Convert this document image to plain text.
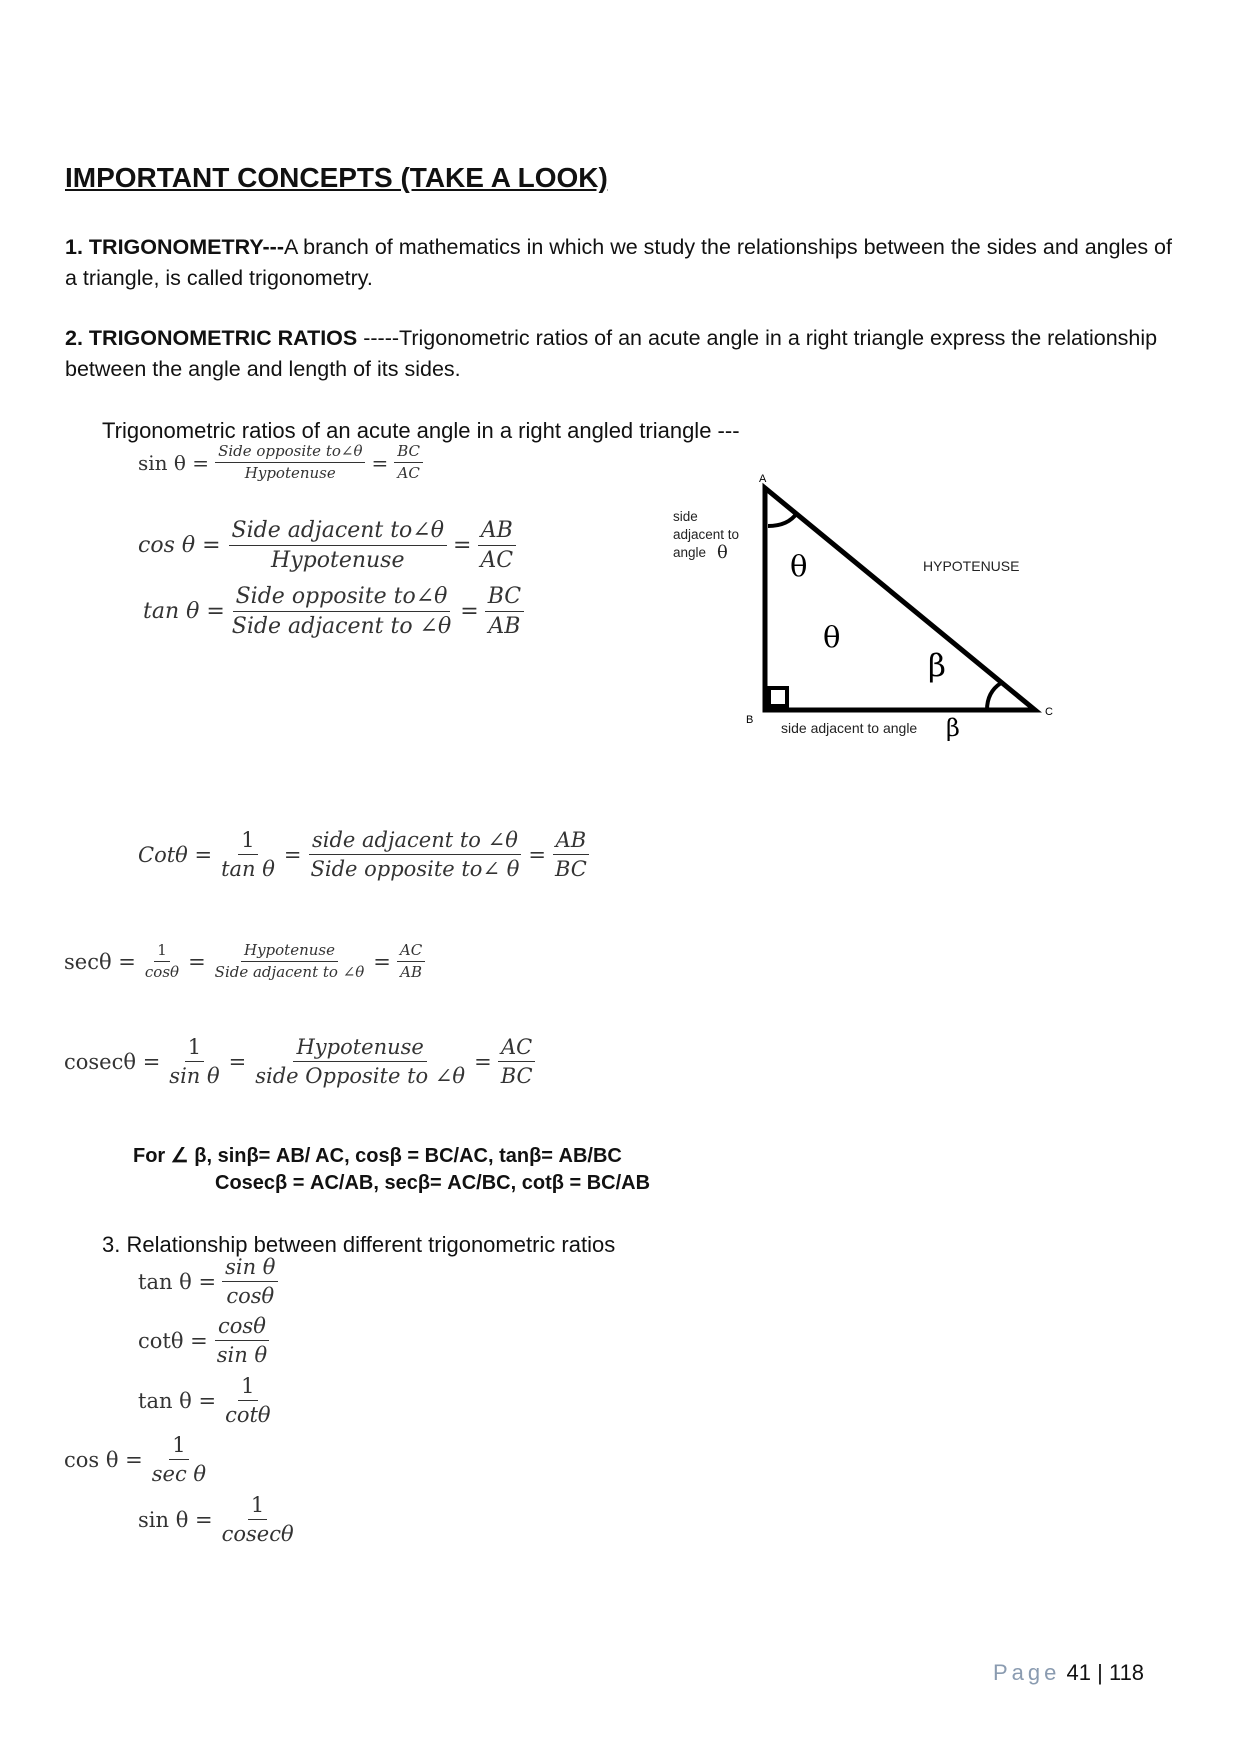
IMPORTANT CONCEPTS (TAKE A LOOK)
1. TRIGONOMETRY---A branch of mathematics in which we study the relationships between the sides and angles of a triangle, is called trigonometry.
2. TRIGONOMETRIC RATIOS -----Trigonometric ratios of an acute angle in a right triangle express the relationship between the angle and length of its sides.
Trigonometric ratios of an acute angle in a right angled triangle ---
$\sin \theta = \frac{\text{Side opposite to∠θ}}{\text{Hypotenuse}} = \frac{BC}{AC}$
$\cos \theta = \frac{\text{Side adjacent to∠θ}}{\text{Hypotenuse}} = \frac{AB}{AC}$
$\tan \theta = \frac{\text{Side opposite to∠θ}}{\text{Side adjacent to ∠θ}} = \frac{BC}{AB}$
A
B
C
side
adjacent to
angle θ θ
θ
HYPOTENUSE
β
side adjacent to angle β
$Cot\theta = \frac{1}{\text{tan θ}} = \frac{\text{side adjacent to ∠θ}}{\text{Side opposite to∠ θ}} = \frac{AB}{BC}$
$\sec\theta = \frac{1}{\cos\theta} = \frac{\text{Hypotenuse}}{\text{Side adjacent to ∠θ}} = \frac{AC}{AB}$
$cosec\theta = \frac{1}{\text{sin θ}} = \frac{\text{Hypotenuse}}{\text{side Opposite to ∠θ}} = \frac{AC}{BC}$
For ∠ β, sinβ= AB/ AC, cosβ = BC/AC, tanβ= AB/BC
Cosecβ = AC/AB, secβ= AC/BC, cotβ = BC/AB
3. Relationship between different trigonometric ratios
$\tan \theta = \frac{\text{sin θ}}{\cos\theta}$
$\cot\theta = \frac{\cos\theta}{\text{sin θ}}$
$\tan \theta = \frac{1}{\cot\theta}$
$\cos \theta = \frac{1}{\text{sec θ}}$
$\sin \theta = \frac{1}{cosec\theta}$
Page 41 | 118
